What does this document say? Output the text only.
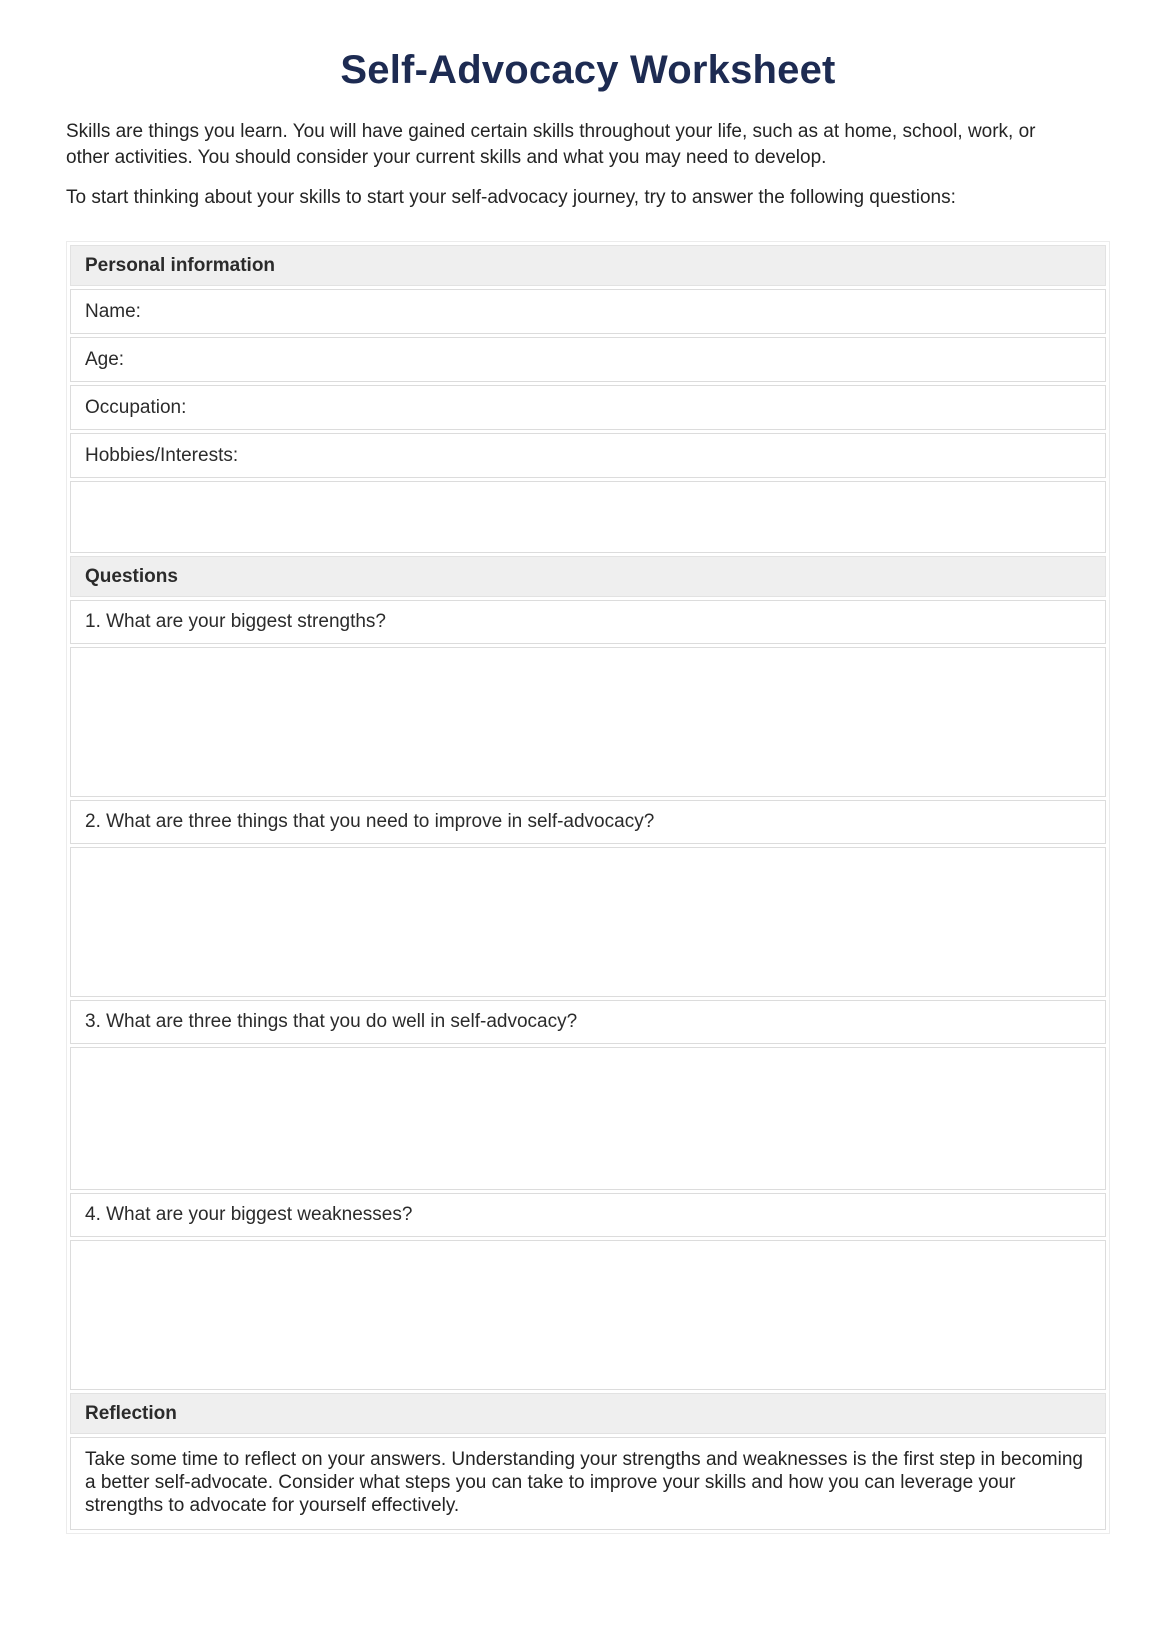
Self-Advocacy Worksheet

Skills are things you learn. You will have gained certain skills throughout your life, such as at home, school, work, or other activities. You should consider your current skills and what you may need to develop.

To start thinking about your skills to start your self-advocacy journey, try to answer the following questions:

Personal information
Name:
Age:
Occupation:
Hobbies/Interests:
Questions
1. What are your biggest strengths?
2. What are three things that you need to improve in self-advocacy?
3. What are three things that you do well in self-advocacy?
4. What are your biggest weaknesses?
Reflection

Take some time to reflect on your answers. Understanding your strengths and weaknesses is the first step in becoming a better self-advocate. Consider what steps you can take to improve your skills and how you can leverage your strengths to advocate for yourself effectively.
